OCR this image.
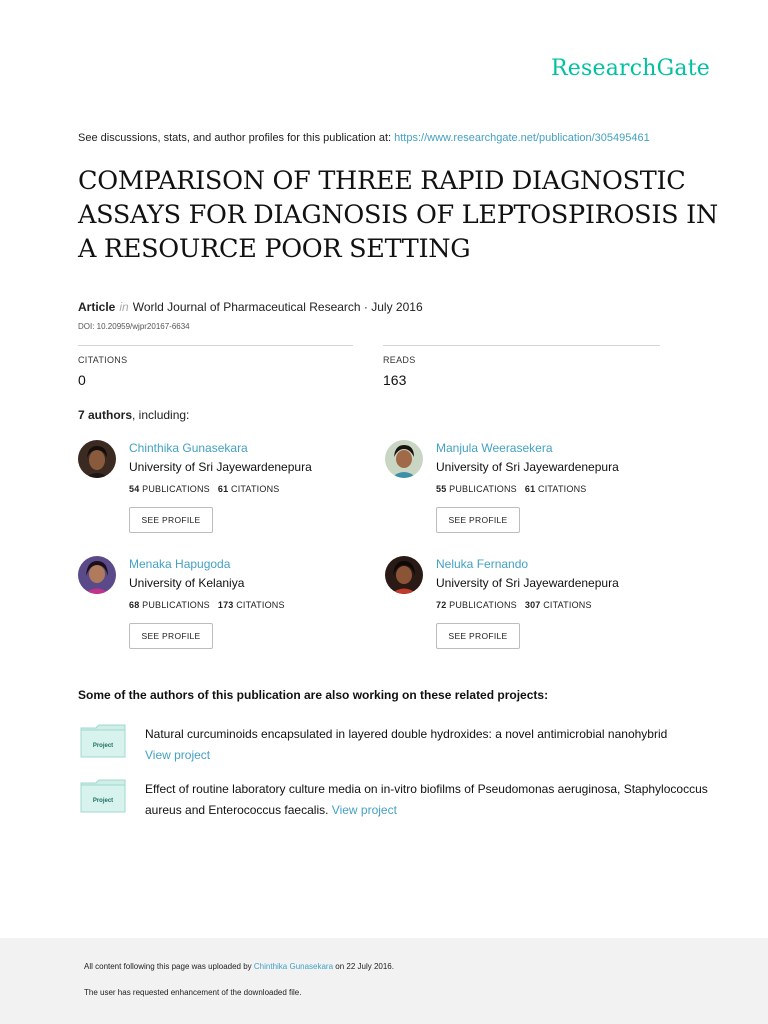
ResearchGate
See discussions, stats, and author profiles for this publication at: https://www.researchgate.net/publication/305495461
COMPARISON OF THREE RAPID DIAGNOSTIC
ASSAYS FOR DIAGNOSIS OF LEPTOSPIROSIS IN
A RESOURCE POOR SETTING
Article in World Journal of Pharmaceutical Research · July 2016
DOI: 10.20959/wjpr20167-6634
CITATIONS
0
READS
163
7 authors, including:
Chinthika Gunasekara
University of Sri Jayewardenepura
54 PUBLICATIONS 61 CITATIONS
SEE PROFILE
Manjula Weerasekera
University of Sri Jayewardenepura
55 PUBLICATIONS 61 CITATIONS
SEE PROFILE
Menaka Hapugoda
University of Kelaniya
68 PUBLICATIONS 173 CITATIONS
SEE PROFILE
Neluka Fernando
University of Sri Jayewardenepura
72 PUBLICATIONS 307 CITATIONS
SEE PROFILE
Some of the authors of this publication are also working on these related projects:
Project
Natural curcuminoids encapsulated in layered double hydroxides: a novel antimicrobial nanohybrid
View project
Project
Effect of routine laboratory culture media on in-vitro biofilms of Pseudomonas aeruginosa, Staphylococcus aureus and Enterococcus faecalis. View project
All content following this page was uploaded by Chinthika Gunasekara on 22 July 2016.
The user has requested enhancement of the downloaded file.
